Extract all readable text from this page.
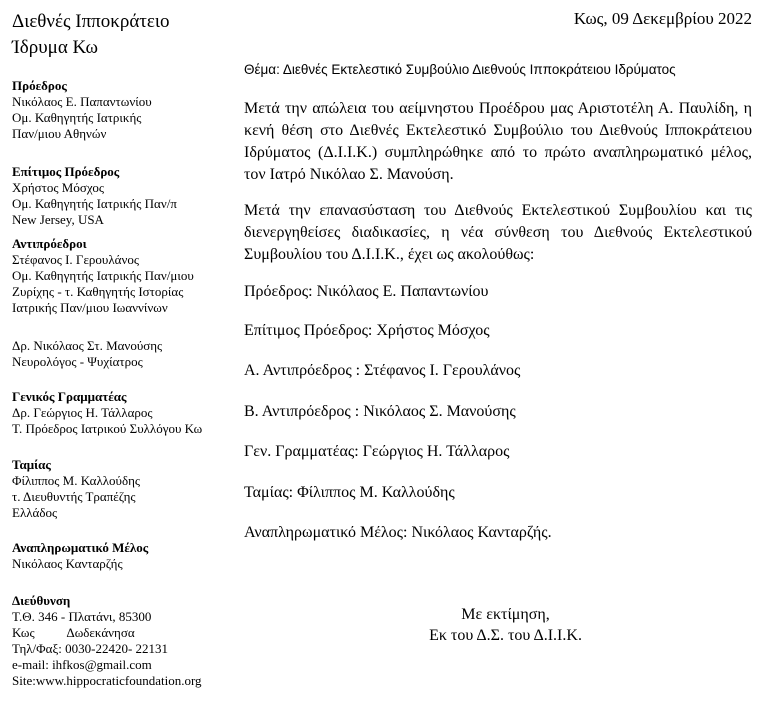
Διεθνές Ιπποκράτειο
Ίδρυμα Κω
Κως, 09 Δεκεμβρίου 2022
Πρόεδρος
Νικόλαος Ε. Παπαντωνίου
Ομ. Καθηγητής Ιατρικής
Παν/μιου Αθηνών
Επίτιμος Πρόεδρος
Χρήστος Μόσχος
Ομ. Καθηγητής Ιατρικής Παν/π
New Jersey, USA
Αντιπρόεδροι
Στέφανος Ι. Γερουλάνος
Ομ. Καθηγητής Ιατρικής Παν/μιου
Ζυρίχης - τ. Καθηγητής Ιστορίας
Ιατρικής Παν/μιου Ιωαννίνων
Δρ. Νικόλαος Στ. Μανούσης
Νευρολόγος - Ψυχίατρος
Γενικός Γραμματέας
Δρ. Γεώργιος Η. Τάλλαρος
Τ. Πρόεδρος Ιατρικού Συλλόγου Κω
Ταμίας
Φίλιππος Μ. Καλλούδης
τ. Διευθυντής Τραπέζης
Ελλάδος
Αναπληρωματικό Μέλος
Νικόλαος Κανταρζής
Διεύθυνση
Τ.Θ. 346 - Πλατάνι, 85300
Κως          Δωδεκάνησα
Τηλ/Φαξ: 0030-22420- 22131
e-mail: ihfkos@gmail.com
Site:www.hippocraticfoundation.org
Θέμα: Διεθνές Εκτελεστικό Συμβούλιο Διεθνούς Ιπποκράτειου Ιδρύματος
Μετά την απώλεια του αείμνηστου Προέδρου μας Αριστοτέλη Α. Παυλίδη, η κενή θέση στο Διεθνές Εκτελεστικό Συμβούλιο του Διεθνούς Ιπποκράτειου Ιδρύματος (Δ.Ι.Ι.Κ.) συμπληρώθηκε από το πρώτο αναπληρωματικό μέλος, τον Ιατρό Νικόλαο Σ. Μανούση.
Μετά την επανασύσταση του Διεθνούς Εκτελεστικού Συμβουλίου και τις διενεργηθείσες διαδικασίες, η νέα σύνθεση του Διεθνούς Εκτελεστικού Συμβουλίου του Δ.Ι.Ι.Κ., έχει ως ακολούθως:
Πρόεδρος: Νικόλαος Ε. Παπαντωνίου
Επίτιμος Πρόεδρος: Χρήστος Μόσχος
Α. Αντιπρόεδρος : Στέφανος Ι. Γερουλάνος
Β. Αντιπρόεδρος : Νικόλαος Σ. Μανούσης
Γεν. Γραμματέας: Γεώργιος Η. Τάλλαρος
Ταμίας: Φίλιππος Μ. Καλλούδης
Αναπληρωματικό Μέλος: Νικόλαος Κανταρζής.
Με εκτίμηση,
Εκ του Δ.Σ. του Δ.Ι.Ι.Κ.
